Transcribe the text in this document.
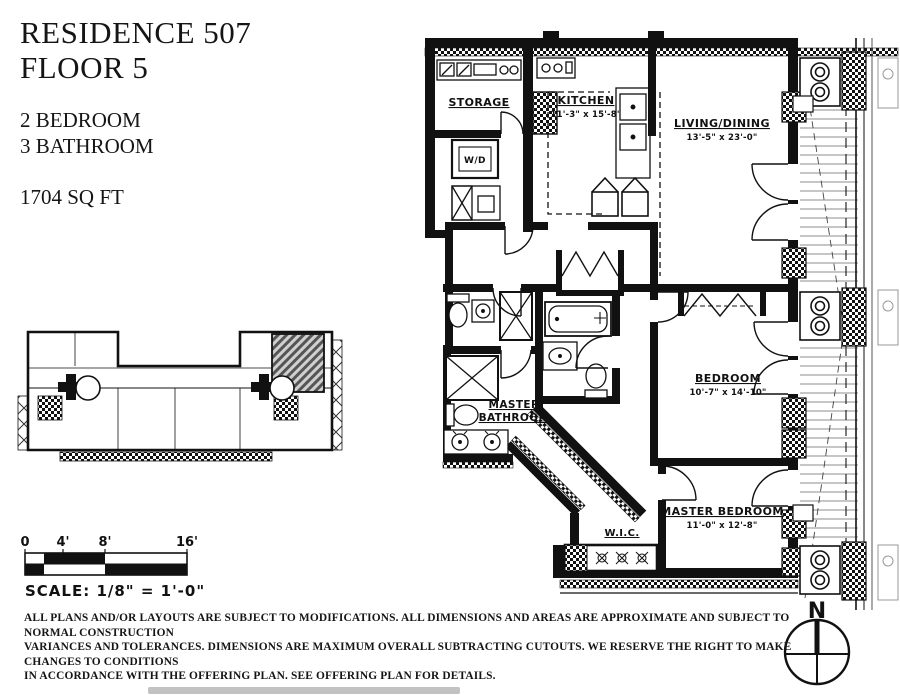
RESIDENCE 507
FLOOR 5
2 BEDROOM
3 BATHROOM
1704 SQ FT
W/D
STORAGE	KITCHEN
11'-3" x 15'-8"
LIVING/DINING
13'-5" x 23'-0"
BEDROOM
10'-7" x 14'-10"
MASTER
BATHROOM
MASTER BEDROOM
11'-0" x 12'-8"
W.I.C.
0 4' 8'	16'
SCALE: 1/8" = 1'-0"
N
ALL PLANS AND/OR LAYOUTS ARE SUBJECT TO MODIFICATIONS. ALL DIMENSIONS AND AREAS ARE APPROXIMATE AND SUBJECT TO NORMAL CONSTRUCTION
VARIANCES AND TOLERANCES. DIMENSIONS ARE MAXIMUM OVERALL SUBTRACTING CUTOUTS. WE RESERVE THE RIGHT TO MAKE CHANGES TO CONDITIONS
IN ACCORDANCE WITH THE OFFERING PLAN. SEE OFFERING PLAN FOR DETAILS.
